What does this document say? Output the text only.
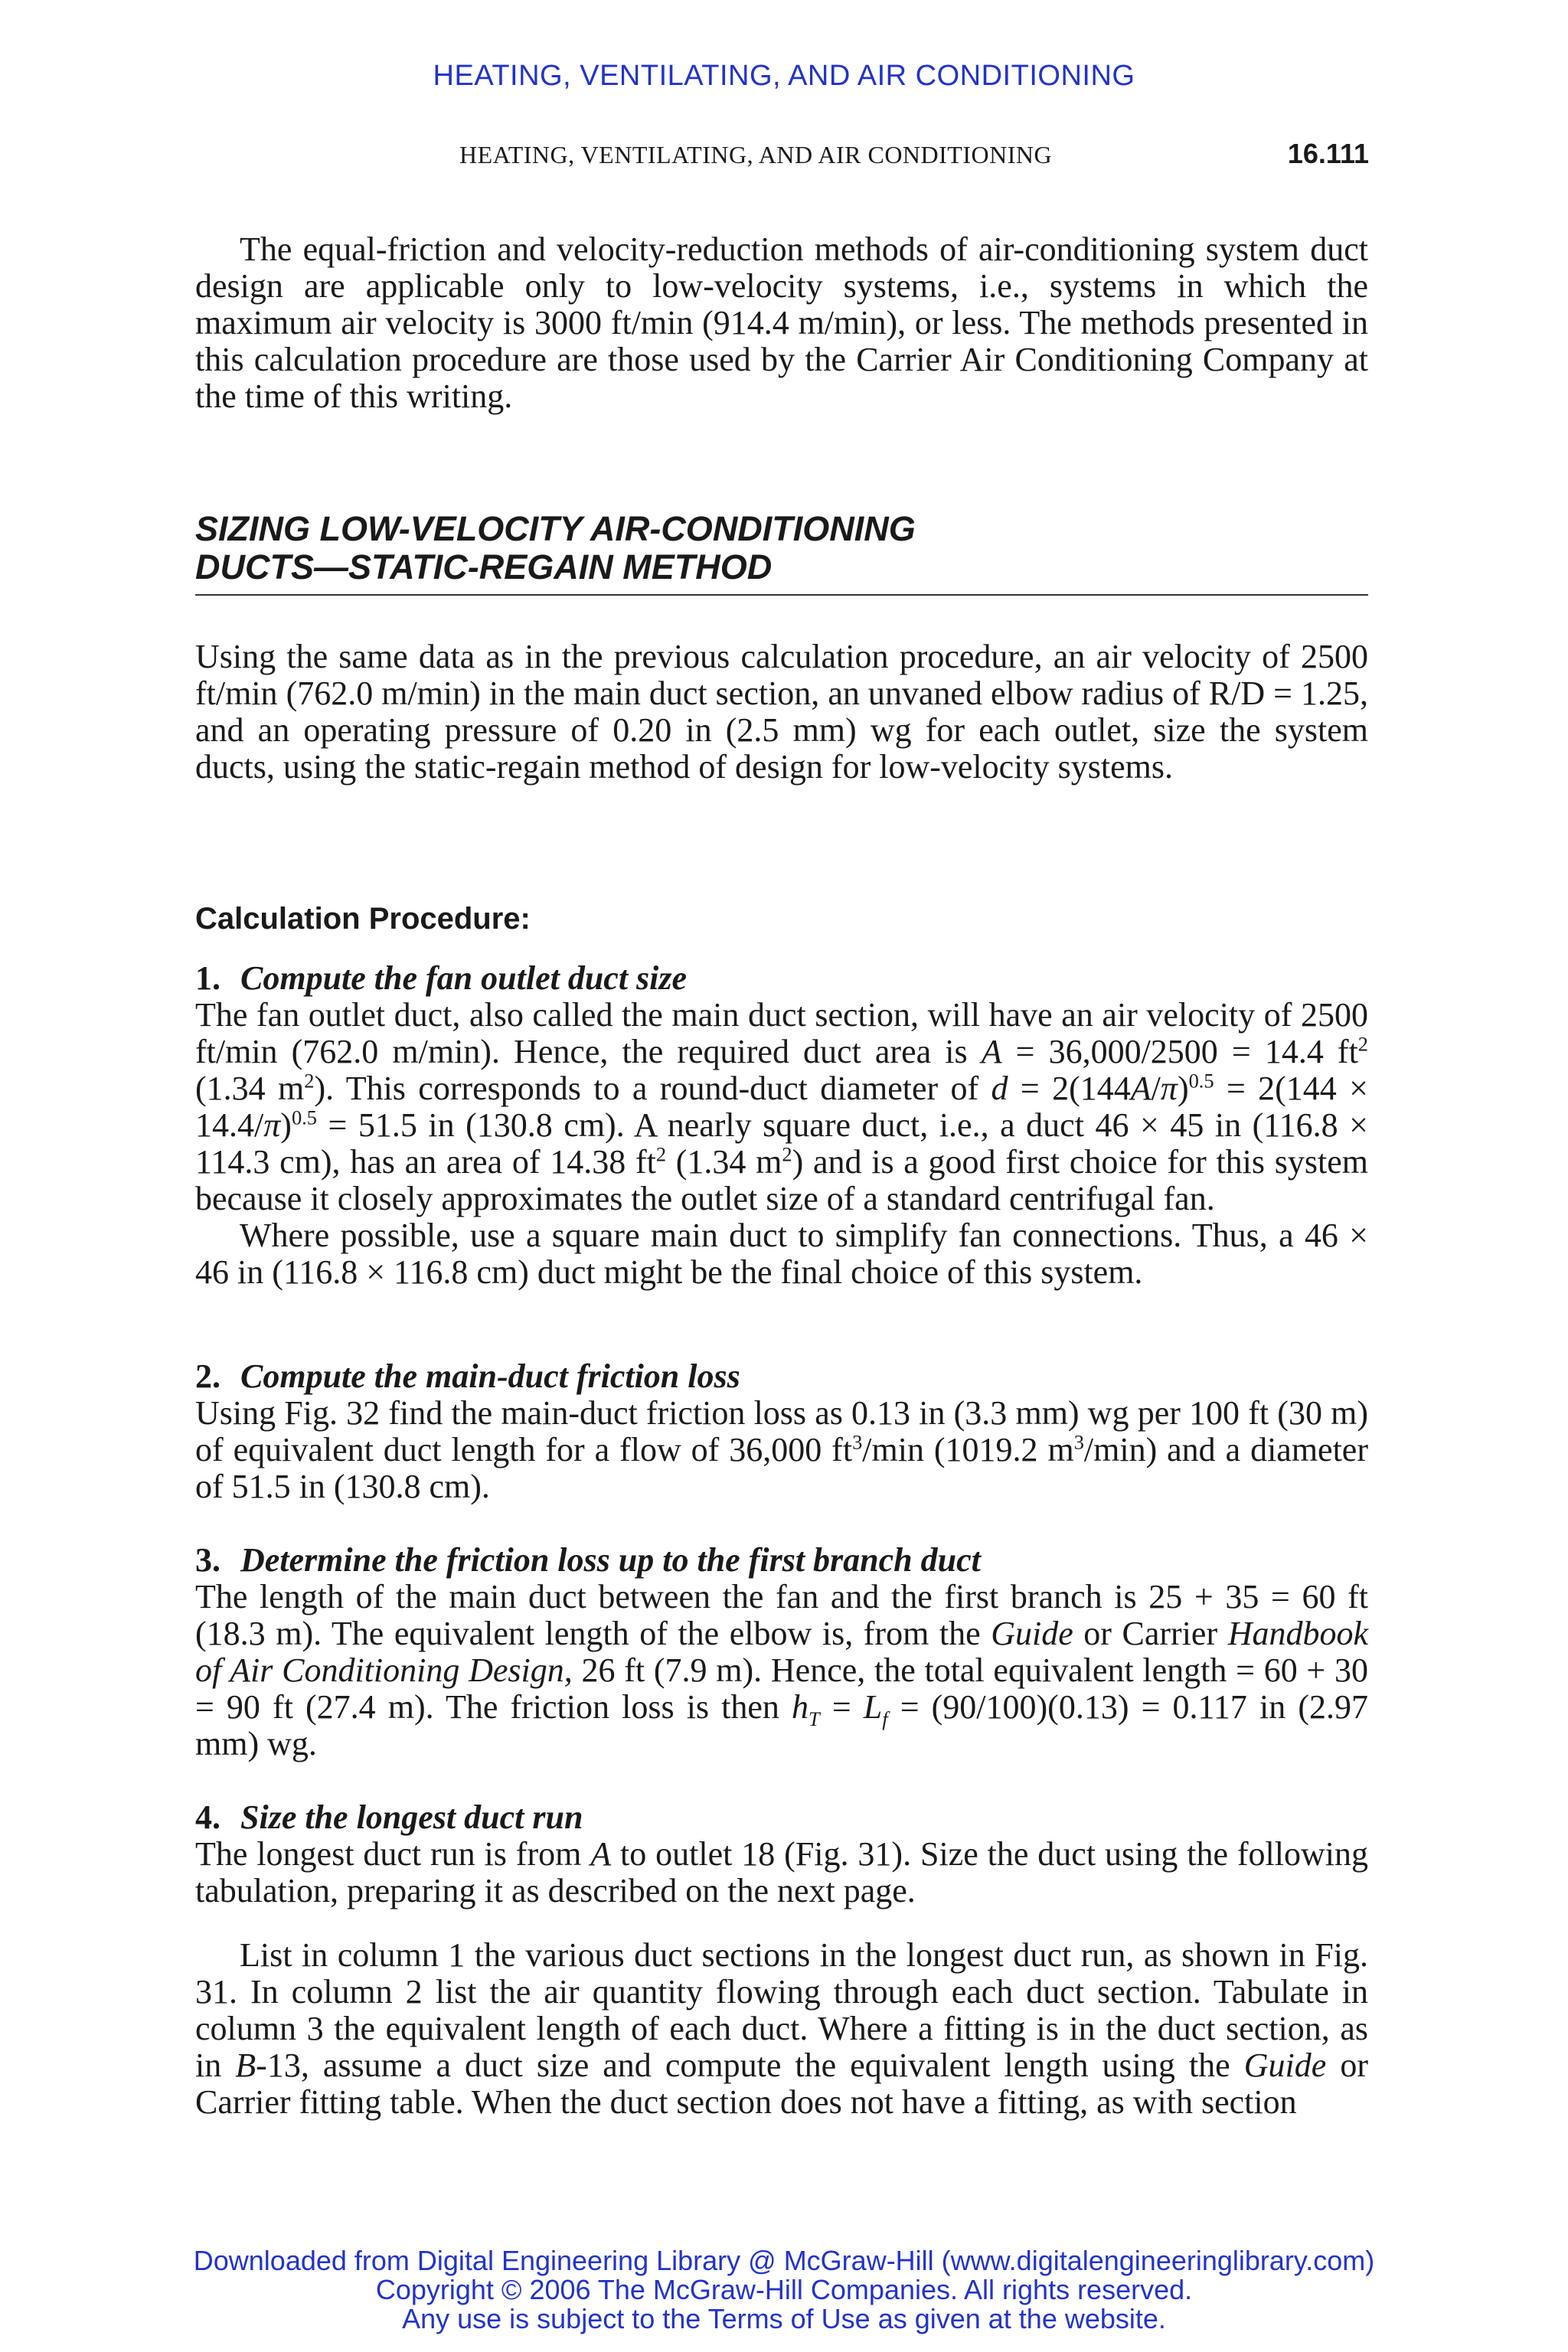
HEATING, VENTILATING, AND AIR CONDITIONING
HEATING, VENTILATING, AND AIR CONDITIONING	16.111

The equal-friction and velocity-reduction methods of air-conditioning system duct design are applicable only to low-velocity systems, i.e., systems in which the maximum air velocity is 3000 ft/min (914.4 m/min), or less. The methods presented in this calculation procedure are those used by the Carrier Air Conditioning Company at the time of this writing.

SIZING LOW-VELOCITY AIR-CONDITIONING
DUCTS—STATIC-REGAIN METHOD

Using the same data as in the previous calculation procedure, an air velocity of 2500 ft/min (762.0 m/min) in the main duct section, an unvaned elbow radius of R/D = 1.25, and an operating pressure of 0.20 in (2.5 mm) wg for each outlet, size the system ducts, using the static-regain method of design for low-velocity systems.

Calculation Procedure:

1. Compute the fan outlet duct size

The fan outlet duct, also called the main duct section, will have an air velocity of 2500 ft/min (762.0 m/min). Hence, the required duct area is A = 36,000/2500 = 14.4 $ft^2$ (1.34 $m^2$). This corresponds to a round-duct diameter of $d = 2(144A/\pi)^{0.5} = 2(144 \times 14.4/\pi)^{0.5} = 51.5$ in (130.8 cm). A nearly square duct, i.e., a duct 46 × 45 in (116.8 × 114.3 cm), has an area of 14.38 $ft^2$ (1.34 $m^2$) and is a good first choice for this system because it closely approximates the outlet size of a standard centrifugal fan.

Where possible, use a square main duct to simplify fan connections. Thus, a 46 × 46 in (116.8 × 116.8 cm) duct might be the final choice of this system.

2. Compute the main-duct friction loss

Using Fig. 32 find the main-duct friction loss as 0.13 in (3.3 mm) wg per 100 ft (30 m) of equivalent duct length for a flow of 36,000 $ft^3/\min$ (1019.2 $m^3/\min$) and a diameter of 51.5 in (130.8 cm).

3. Determine the friction loss up to the first branch duct

The length of the main duct between the fan and the first branch is 25 + 35 = 60 ft (18.3 m). The equivalent length of the elbow is, from the Guide or Carrier Handbook of Air Conditioning Design, 26 ft (7.9 m). Hence, the total equivalent length = 60 + 30 = 90 ft (27.4 m). The friction loss is then $h_T = L_f = (90/100)(0.13) = 0.117$ in (2.97 mm) wg.

4. Size the longest duct run

The longest duct run is from A to outlet 18 (Fig. 31). Size the duct using the following tabulation, preparing it as described on the next page.

List in column 1 the various duct sections in the longest duct run, as shown in Fig. 31. In column 2 list the air quantity flowing through each duct section. Tabulate in column 3 the equivalent length of each duct. Where a fitting is in the duct section, as in B-13, assume a duct size and compute the equivalent length using the Guide or Carrier fitting table. When the duct section does not have a fitting, as with section

Downloaded from Digital Engineering Library @ McGraw-Hill (www.digitalengineeringlibrary.com)
Copyright © 2006 The McGraw-Hill Companies. All rights reserved.
Any use is subject to the Terms of Use as given at the website.
